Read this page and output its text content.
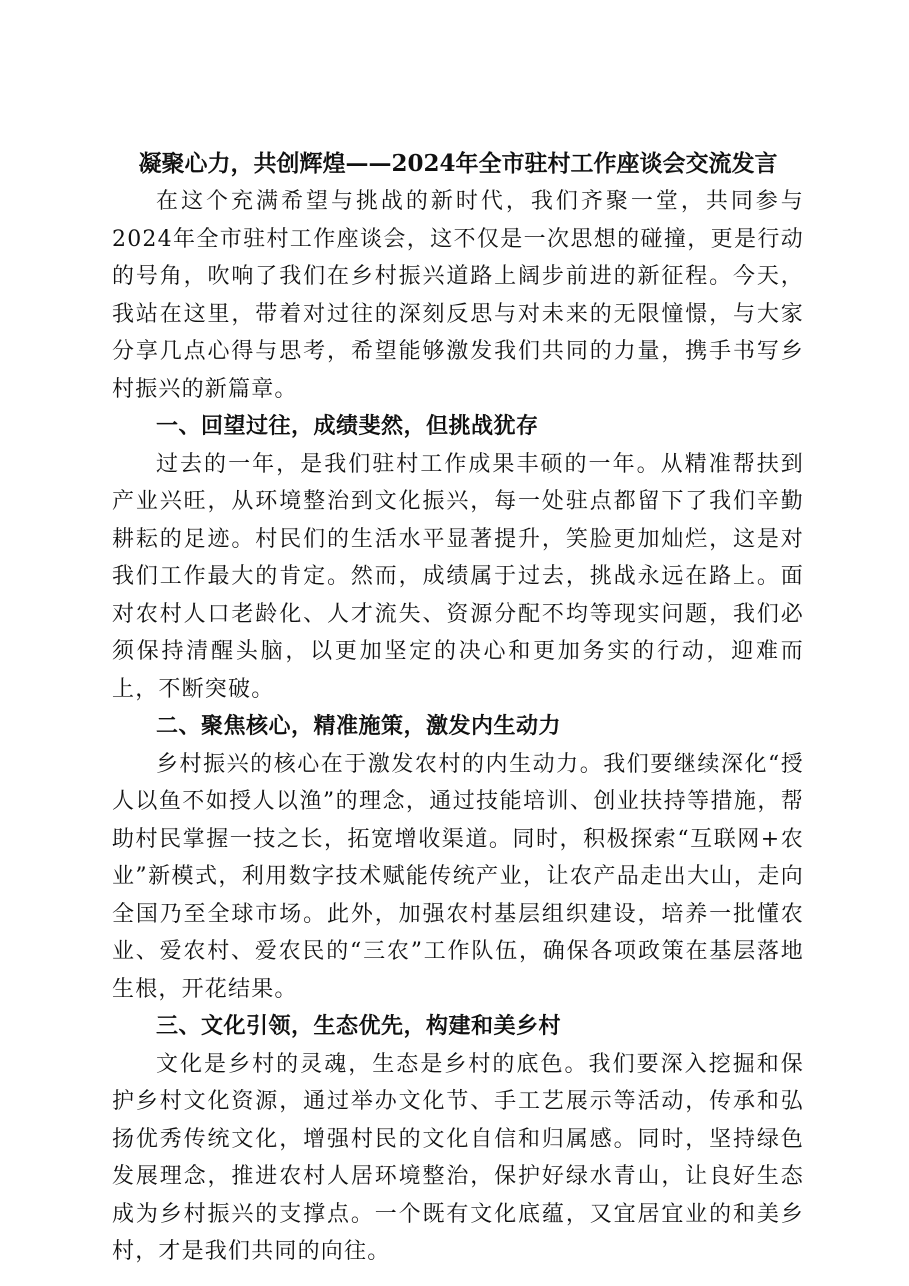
凝聚心力，共创辉煌——2024年全市驻村工作座谈会交流发言

在这个充满希望与挑战的新时代，我们齐聚一堂，共同参与2024年全市驻村工作座谈会，这不仅是一次思想的碰撞，更是行动的号角，吹响了我们在乡村振兴道路上阔步前进的新征程。今天，我站在这里，带着对过往的深刻反思与对未来的无限憧憬，与大家分享几点心得与思考，希望能够激发我们共同的力量，携手书写乡村振兴的新篇章。

一、回望过往，成绩斐然，但挑战犹存

过去的一年，是我们驻村工作成果丰硕的一年。从精准帮扶到产业兴旺，从环境整治到文化振兴，每一处驻点都留下了我们辛勤耕耘的足迹。村民们的生活水平显著提升，笑脸更加灿烂，这是对我们工作最大的肯定。然而，成绩属于过去，挑战永远在路上。面对农村人口老龄化、人才流失、资源分配不均等现实问题，我们必须保持清醒头脑，以更加坚定的决心和更加务实的行动，迎难而上，不断突破。

二、聚焦核心，精准施策，激发内生动力

乡村振兴的核心在于激发农村的内生动力。我们要继续深化“授人以鱼不如授人以渔”的理念，通过技能培训、创业扶持等措施，帮助村民掌握一技之长，拓宽增收渠道。同时，积极探索“互联网+农业”新模式，利用数字技术赋能传统产业，让农产品走出大山，走向全国乃至全球市场。此外，加强农村基层组织建设，培养一批懂农业、爱农村、爱农民的“三农”工作队伍，确保各项政策在基层落地生根，开花结果。

三、文化引领，生态优先，构建和美乡村

文化是乡村的灵魂，生态是乡村的底色。我们要深入挖掘和保护乡村文化资源，通过举办文化节、手工艺展示等活动，传承和弘扬优秀传统文化，增强村民的文化自信和归属感。同时，坚持绿色发展理念，推进农村人居环境整治，保护好绿水青山，让良好生态成为乡村振兴的支撑点。一个既有文化底蕴，又宜居宜业的和美乡村，才是我们共同的向往。
